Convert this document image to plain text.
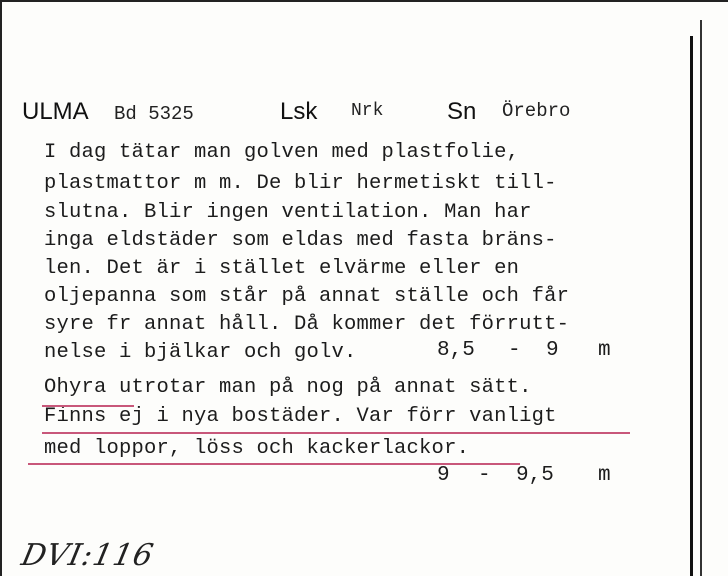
ULMA Bd 5325	Lsk Nrk	Sn Örebro
I dag tätar man golven med plastfolie,
plastmattor m m. De blir hermetiskt till-
slutna. Blir ingen ventilation. Man har
inga eldstäder som eldas med fasta bräns-
len. Det är i stället elvärme eller en
oljepanna som står på annat ställe och får
syre fr annat håll. Då kommer det förrutt-
nelse i bjälkar och golv.	8,5 - 9 m
Ohyra utrotar man på nog på annat sätt.
Finns ej i nya bostäder. Var förr vanligt
med loppor, löss och kackerlackor.
9 - 9,5 m
DVI:116
